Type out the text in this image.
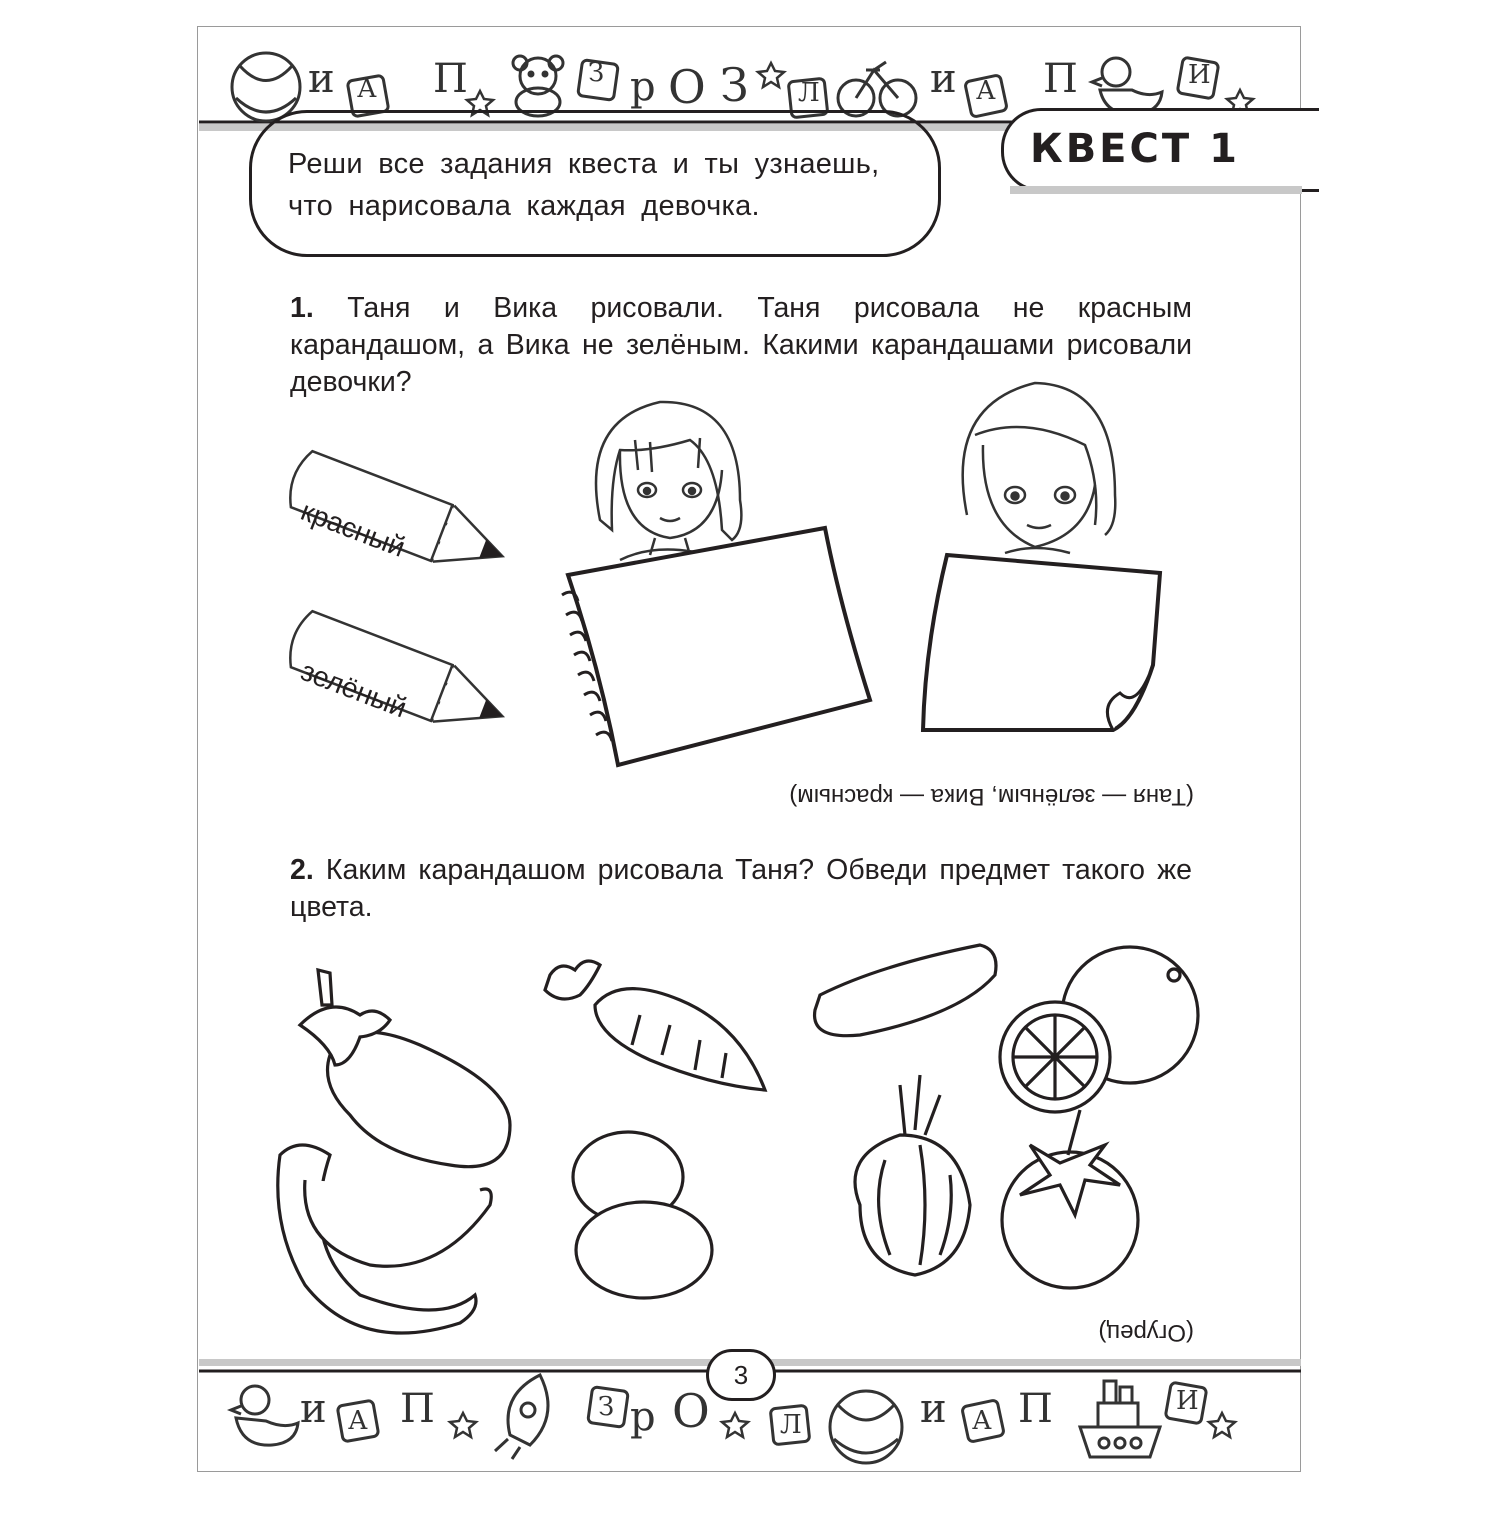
и А П	З р О З Л	и А П	И
Реши все задания квеста и ты узнаешь, что нарисовала каждая девочка.
КВЕСТ 1
1. Таня и Вика рисовали. Таня рисовала не красным карандашом, а Вика не зелёным. Какими карандашами рисовали девочки?
красный
зелёный
(Таня — зелёным, Вика — красным)
2. Каким карандашом рисовала Таня? Обведи предмет такого же цвета.
(Огурец)
и А П	З р О	Л	и А П	И
3
